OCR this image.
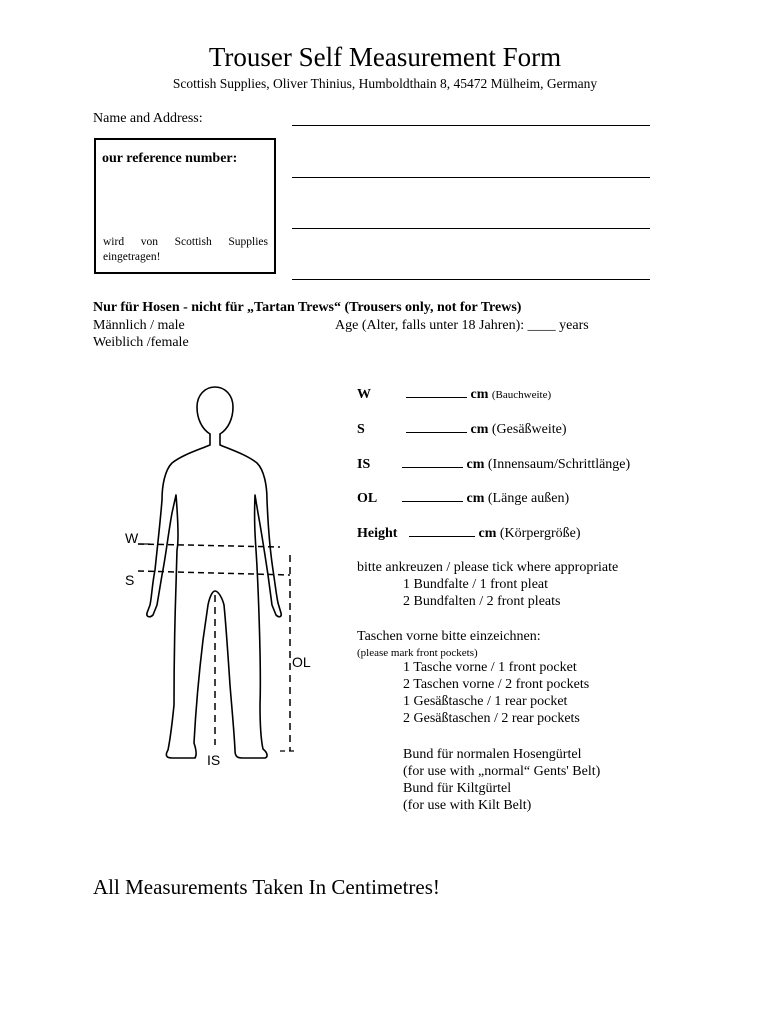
Trouser Self Measurement Form
Scottish Supplies, Oliver Thinius, Humboldthain 8, 45472 Mülheim, Germany
Name and Address:
our reference number:
wird von Scottish Supplies eingetragen!
Nur für Hosen - nicht für „Tartan Trews“ (Trousers only, not for Trews)
Männlich / male
Weiblich /female
Age (Alter, falls unter 18 Jahren): ____ years
W	cm (Bauchweite)
S	cm (Gesäßweite)
IS	cm (Innensaum/Schrittlänge)
OL	cm (Länge außen)
Height	cm (Körpergröße)
bitte ankreuzen / please tick where appropriate
1 Bundfalte / 1 front pleat
2 Bundfalten / 2 front pleats
Taschen vorne bitte einzeichnen:
(please mark front pockets)
1 Tasche vorne / 1 front pocket
2 Taschen vorne / 2 front pockets
1 Gesäßtasche / 1 rear pocket
2 Gesäßtaschen / 2 rear pockets
Bund für normalen Hosengürtel
(for use with „normal“ Gents' Belt)
Bund für Kiltgürtel
(for use with Kilt Belt)
W
S
OL
IS
All Measurements Taken In Centimetres!
